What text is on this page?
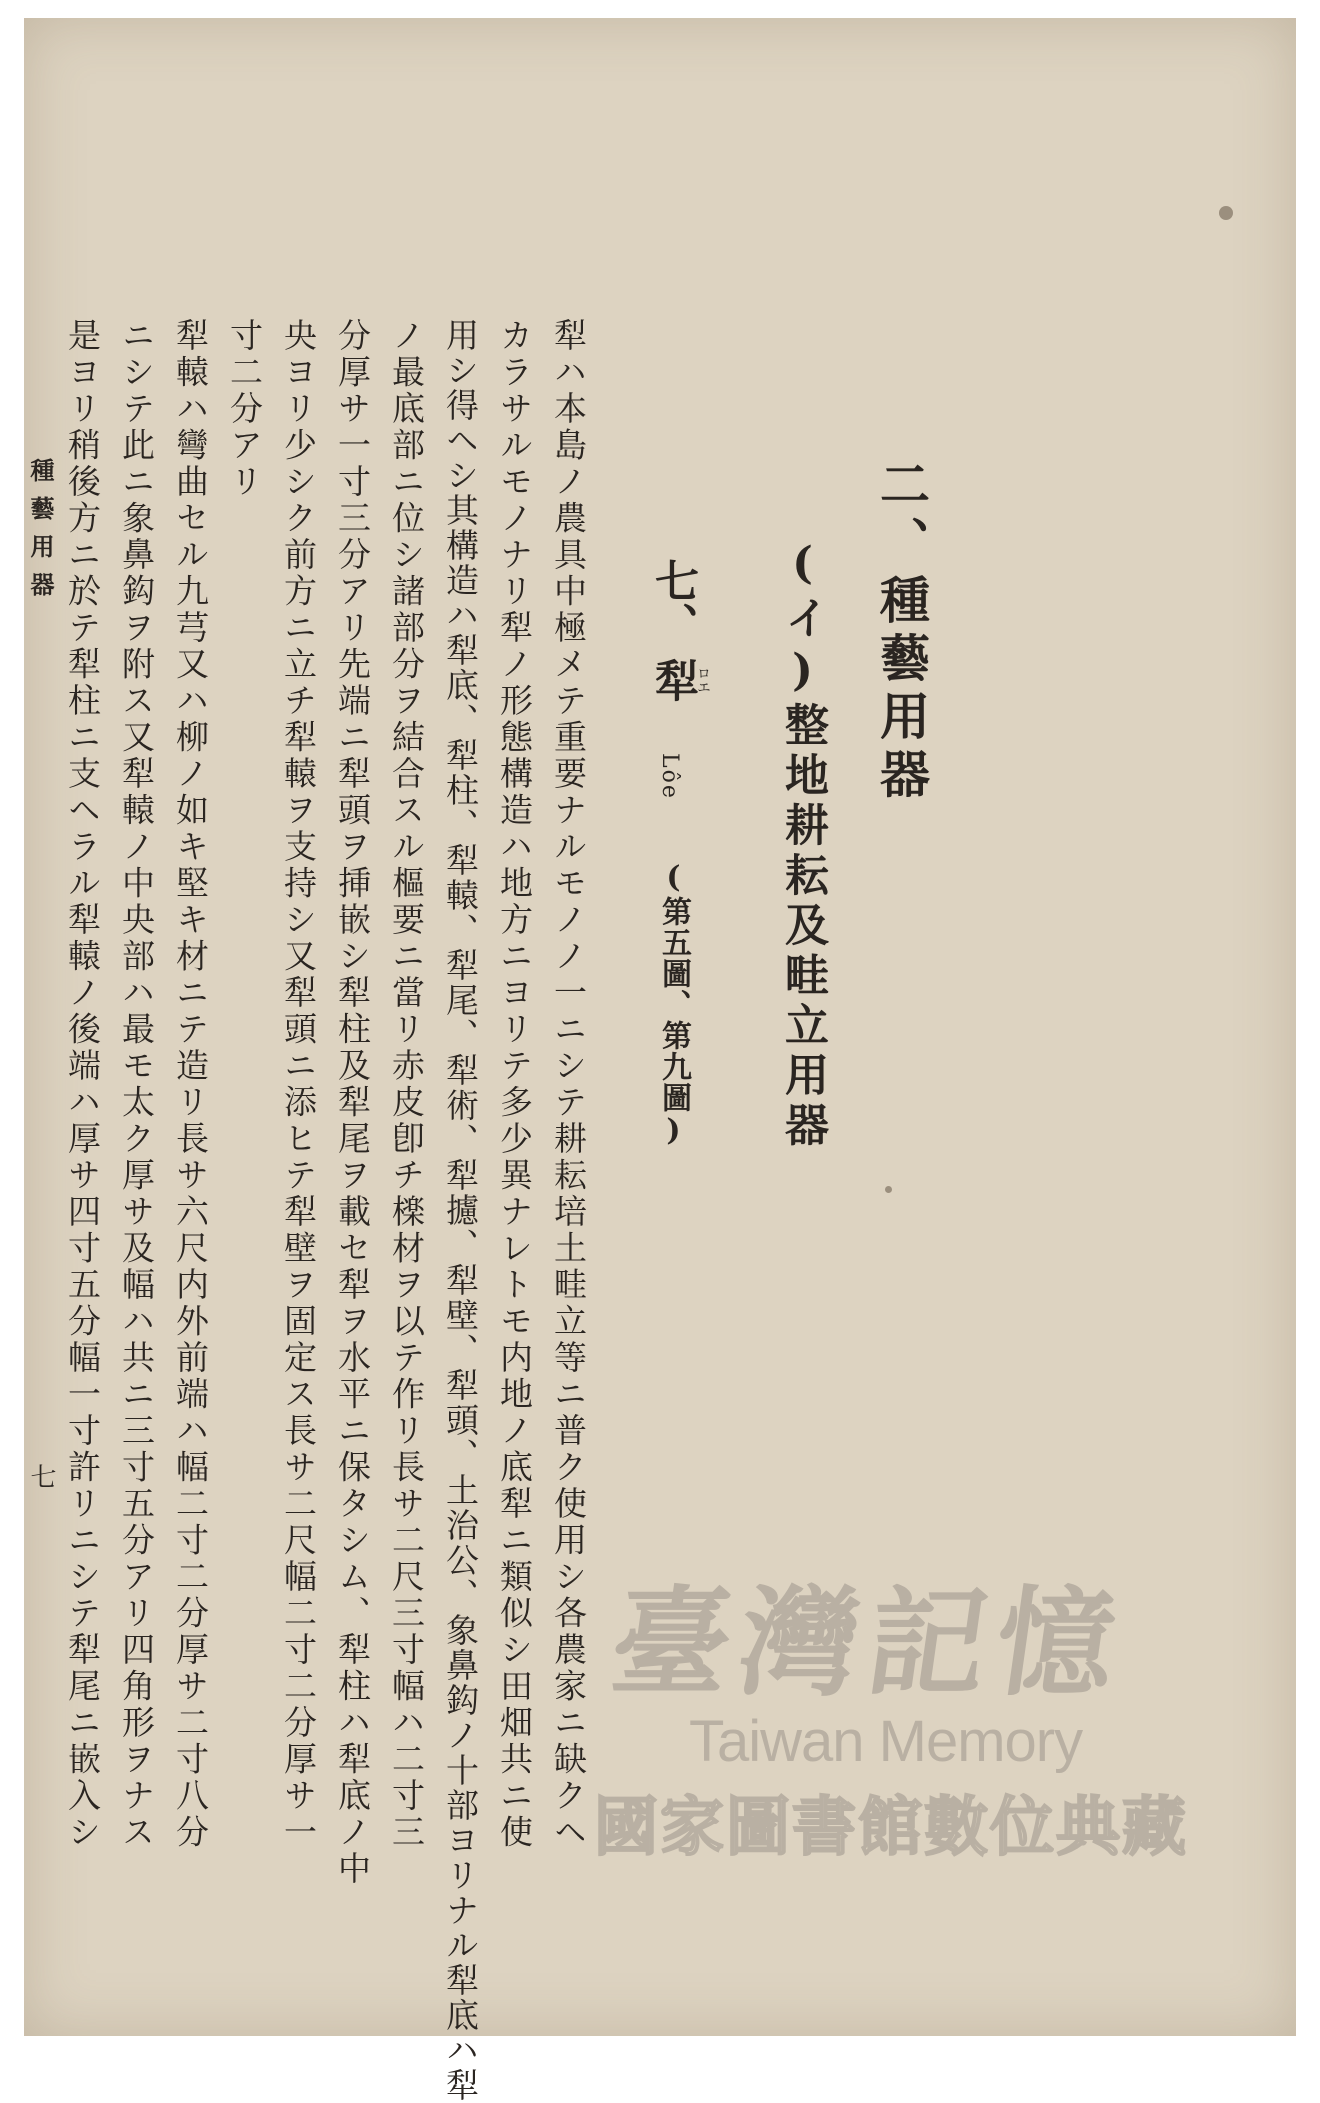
二、種藝用器
(イ)整地耕耘及畦立用器
七、
犁
ロエ
Lôe
(第五圖、第九圖)
犁ハ本島ノ農具中極メテ重要ナルモノノ一ニシテ耕耘培土畦立等ニ普ク使用シ各農家ニ缺クヘ
カラサルモノナリ犁ノ形態構造ハ地方ニヨリテ多少異ナレトモ内地ノ底犁ニ類似シ田畑共ニ使
用シ得ヘシ其構造ハ犁底、犁柱、犁轅、犁尾、犁術、犁攄、犁壁、犁頭、土治公、象鼻鈎ノ十部ヨリナル犁底ハ犁
ノ最底部ニ位シ諸部分ヲ結合スル樞要ニ當リ赤皮卽チ檪材ヲ以テ作リ長サ二尺三寸幅ハ二寸三
分厚サ一寸三分アリ先端ニ犁頭ヲ挿嵌シ犁柱及犁尾ヲ載セ犁ヲ水平ニ保タシム、犁柱ハ犁底ノ中
央ヨリ少シク前方ニ立チ犁轅ヲ支持シ又犁頭ニ添ヒテ犁壁ヲ固定ス長サ二尺幅二寸二分厚サ一
寸二分アリ
犁轅ハ彎曲セル九芎又ハ柳ノ如キ堅キ材ニテ造リ長サ六尺内外前端ハ幅二寸二分厚サ二寸八分
ニシテ此ニ象鼻鈎ヲ附ス又犁轅ノ中央部ハ最モ太ク厚サ及幅ハ共ニ三寸五分アリ四角形ヲナス
是ヨリ稍後方ニ於テ犁柱ニ支ヘラル犁轅ノ後端ハ厚サ四寸五分幅一寸許リニシテ犁尾ニ嵌入シ
種藝用器
七
臺灣記憶
Taiwan Memory
國家圖書館數位典藏
